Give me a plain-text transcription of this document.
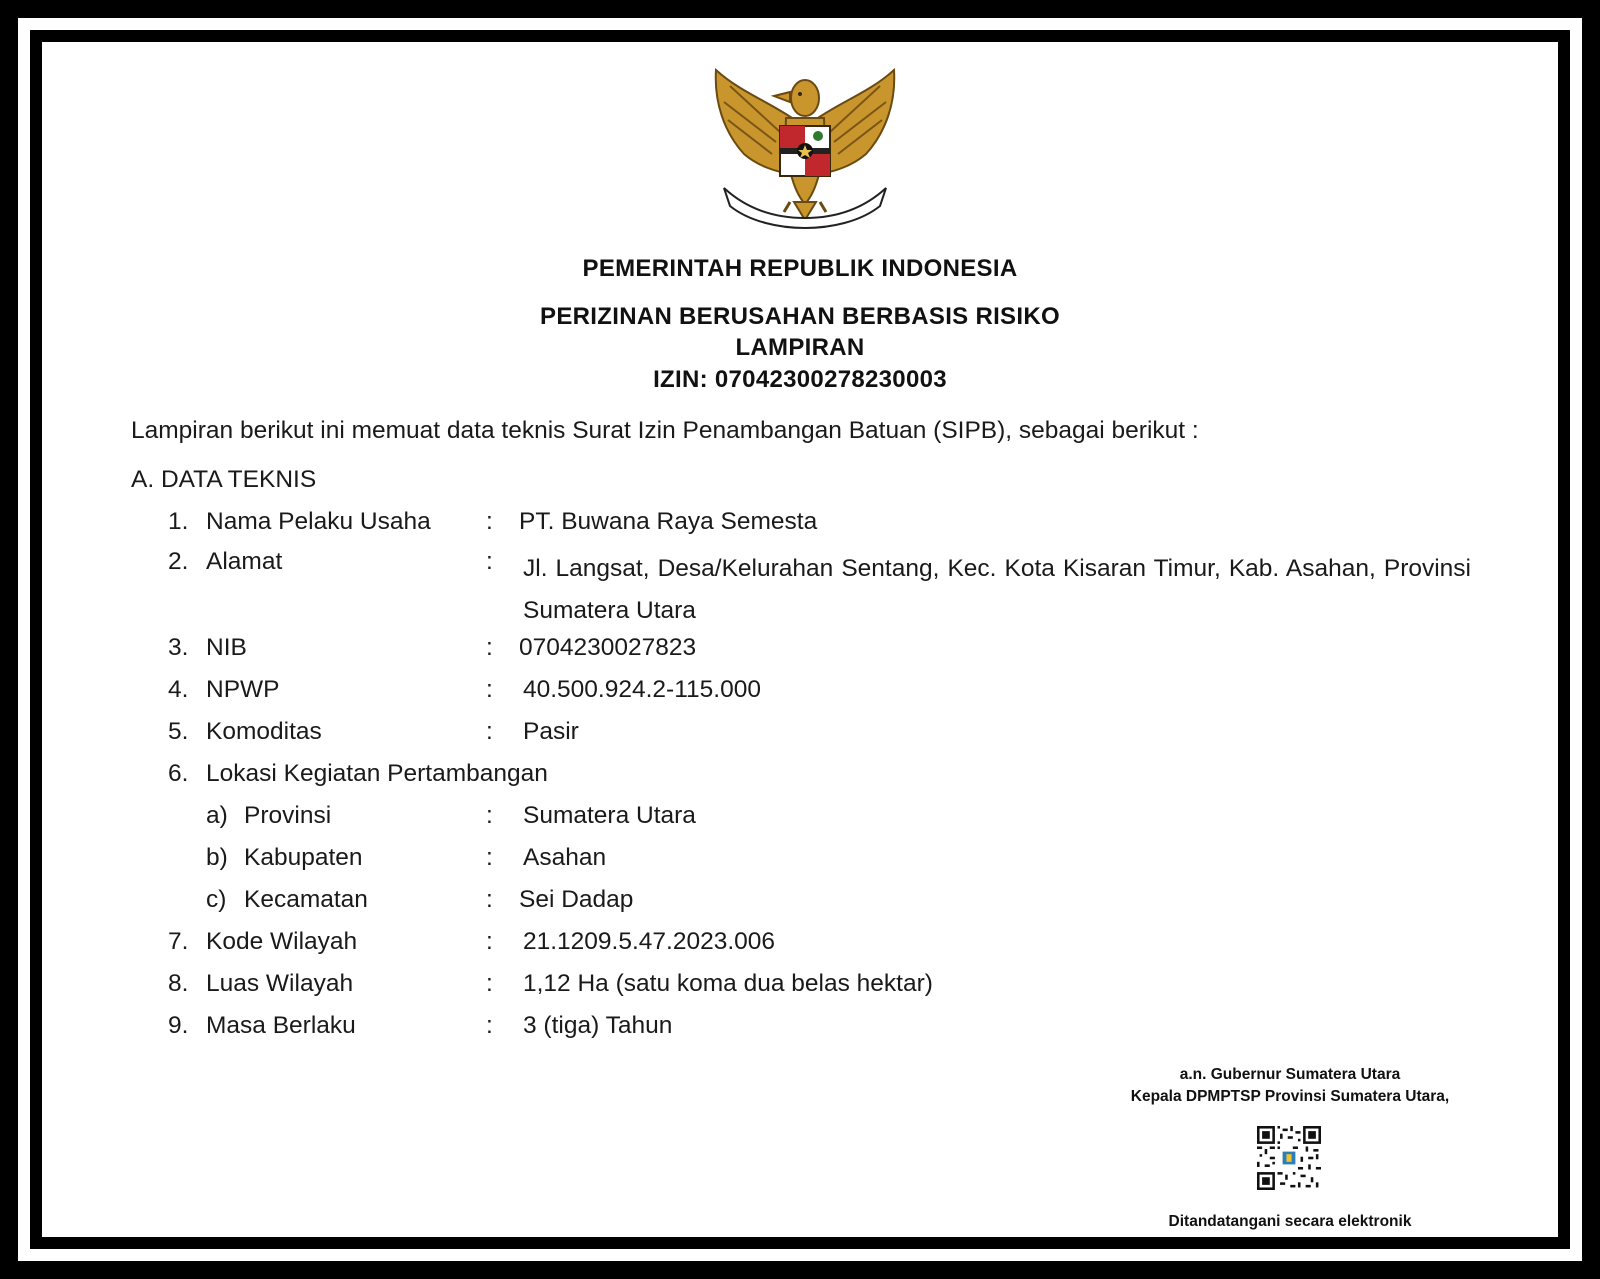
PEMERINTAH REPUBLIK INDONESIA
PERIZINAN BERUSAHAN BERBASIS RISIKO
LAMPIRAN
IZIN: 07042300278230003
Lampiran berikut ini memuat data teknis Surat Izin Penambangan Batuan (SIPB), sebagai berikut :
A. DATA TEKNIS
1. Nama Pelaku Usaha : PT. Buwana Raya Semesta
2. Alamat	: Jl. Langsat, Desa/Kelurahan Sentang, Kec. Kota Kisaran Timur, Kab. Asahan, Provinsi Sumatera Utara
3. NIB	: 0704230027823
4. NPWP	: 40.500.924.2-115.000
5. Komoditas	: Pasir
6. Lokasi Kegiatan Pertambangan
a) Provinsi	: Sumatera Utara
b) Kabupaten	: Asahan
c) Kecamatan	: Sei Dadap
7. Kode Wilayah	: 21.1209.5.47.2023.006
8. Luas Wilayah	: 1,12 Ha (satu koma dua belas hektar)
9. Masa Berlaku	: 3 (tiga) Tahun
a.n. Gubernur Sumatera Utara
Kepala DPMPTSP Provinsi Sumatera Utara,
Ditandatangani secara elektronik
